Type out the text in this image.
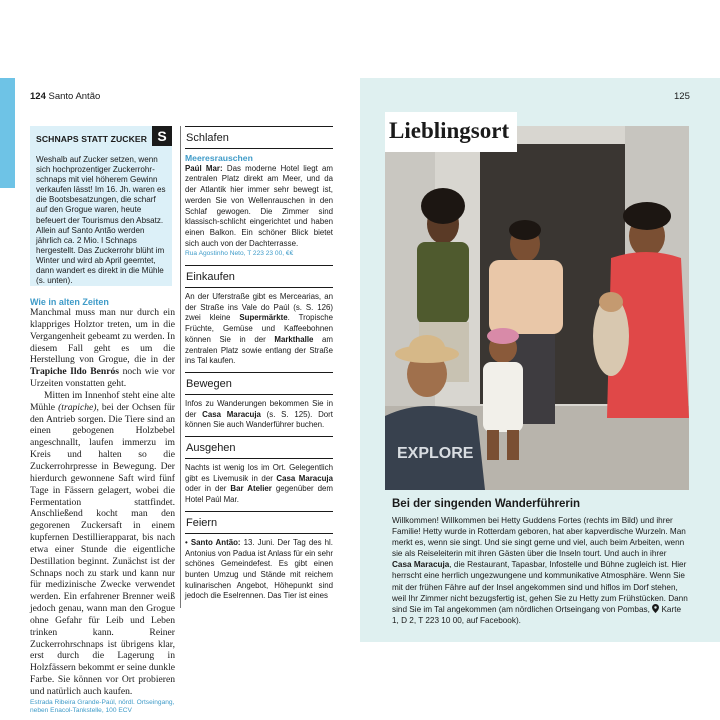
124 Santo Antão
SCHNAPS STATT ZUCKER S
Weshalb auf Zucker setzen, wenn sich hochprozentiger Zuckerrohrschnaps mit viel höherem Gewinn verkaufen lässt! Im 16. Jh. waren es die Bootsbesatzungen, die scharf auf den Grogue waren, heute befeuert der Tourismus den Absatz. Allein auf Santo Antão werden jährlich ca. 2 Mio. l Schnaps hergestellt. Das Zuckerrohr blüht im Winter und wird ab April geerntet, dann wandert es direkt in die Mühle (s. unten).
Wie in alten Zeiten

Manchmal muss man nur durch ein klappriges Holztor treten, um in die Vergangenheit gebeamt zu werden. In diesem Fall geht es um die Herstellung von Grogue, die in der Trapiche Ildo Benrós noch wie vor Urzeiten vonstatten geht.

Mitten im Innenhof steht eine alte Mühle (trapiche), bei der Ochsen für den Antrieb sorgen. Die Tiere sind an einen gebogenen Holzbebel angeschnallt, laufen immerzu im Kreis und halten so die Zuckerrohrpresse in Bewegung. Der hierdurch gewonnene Saft wird fünf Tage in Fässern gelagert, wobei die Fermentation stattfindet. Anschließend kocht man den gegorenen Zuckersaft in einem kupfernen Destillierapparat, bis nach etwa einer Stunde die eigentliche Destillation beginnt. Zunächst ist der Schnaps noch zu stark und kann nur für medizinische Zwecke verwendet werden. Ein erfahrener Brenner weiß jedoch genau, wann man den Grogue ohne Gefahr für Leib und Leben trinken kann. Reiner Zuckerrohrschnaps ist übrigens klar, erst durch die Lagerung in Holzfässern bekommt er seine dunkle Farbe. Sie können vor Ort probieren und natürlich auch kaufen.

Estrada Ribeira Grande-Paúl, nördl. Ortseingang, neben Enacol-Tankstelle, 100 ECV
Schlafen
Meeresrauschen

Paúl Mar: Das moderne Hotel liegt am zentralen Platz direkt am Meer, und da der Atlantik hier immer sehr bewegt ist, werden Sie von Wellenrauschen in den Schlaf gewogen. Die Zimmer sind klassisch-schlicht eingerichtet und haben einen Balkon. Ein schöner Blick bietet sich auch von der Dachterrasse.

Rua Agostinho Neto, T 223 23 00, €€
Einkaufen

An der Uferstraße gibt es Mercearias, an der Straße ins Vale do Paúl (s. S. 126) zwei kleine Supermärkte. Tropische Früchte, Gemüse und Kaffeebohnen können Sie in der Markthalle am zentralen Platz sowie entlang der Straße ins Tal kaufen.

Bewegen

Infos zu Wanderungen bekommen Sie in der Casa Maracuja (s. S. 125). Dort können Sie auch Wanderführer buchen.

Ausgehen

Nachts ist wenig los im Ort. Gelegentlich gibt es Livemusik in der Casa Maracuja oder in der Bar Atelier gegenüber dem Hotel Paúl Mar.

Feiern

• Santo Antão: 13. Juni. Der Tag des hl. Antonius von Padua ist Anlass für ein sehr schönes Gemeindefest. Es gibt einen bunten Umzug und Stände mit reichem kulinarischen Angebot, Höhepunkt sind jedoch die Eselrennen. Das Tier ist eines

125
EXPLORE
Lieblingsort
Bei der singenden Wanderführerin
Willkommen! Willkommen bei Hetty Guddens Fortes (rechts im Bild) und ihrer Familie! Hetty wurde in Rotterdam geboren, hat aber kapverdische Wurzeln. Man merkt es, wenn sie singt. Und sie singt gerne und viel, auch beim Arbeiten, wenn sie als Reiseleiterin mit ihren Gästen über die Inseln tourt. Und auch in ihrer Casa Maracuja, die Restaurant, Tapasbar, Infostelle und Bühne zugleich ist. Hier herrscht eine herrlich ungezwungene und kommunikative Atmosphäre. Wenn Sie mit der frühen Fähre auf der Insel angekommen sind und hiflos im Dorf stehen, weil Ihr Zimmer nicht bezugsfertig ist, gehen Sie zu Hetty zum Frühstücken. Dann sind Sie im Tal angekommen (am nördlichen Ortseingang von Pombas,  Karte 1, D 2, T 223 10 00, auf Facebook).
